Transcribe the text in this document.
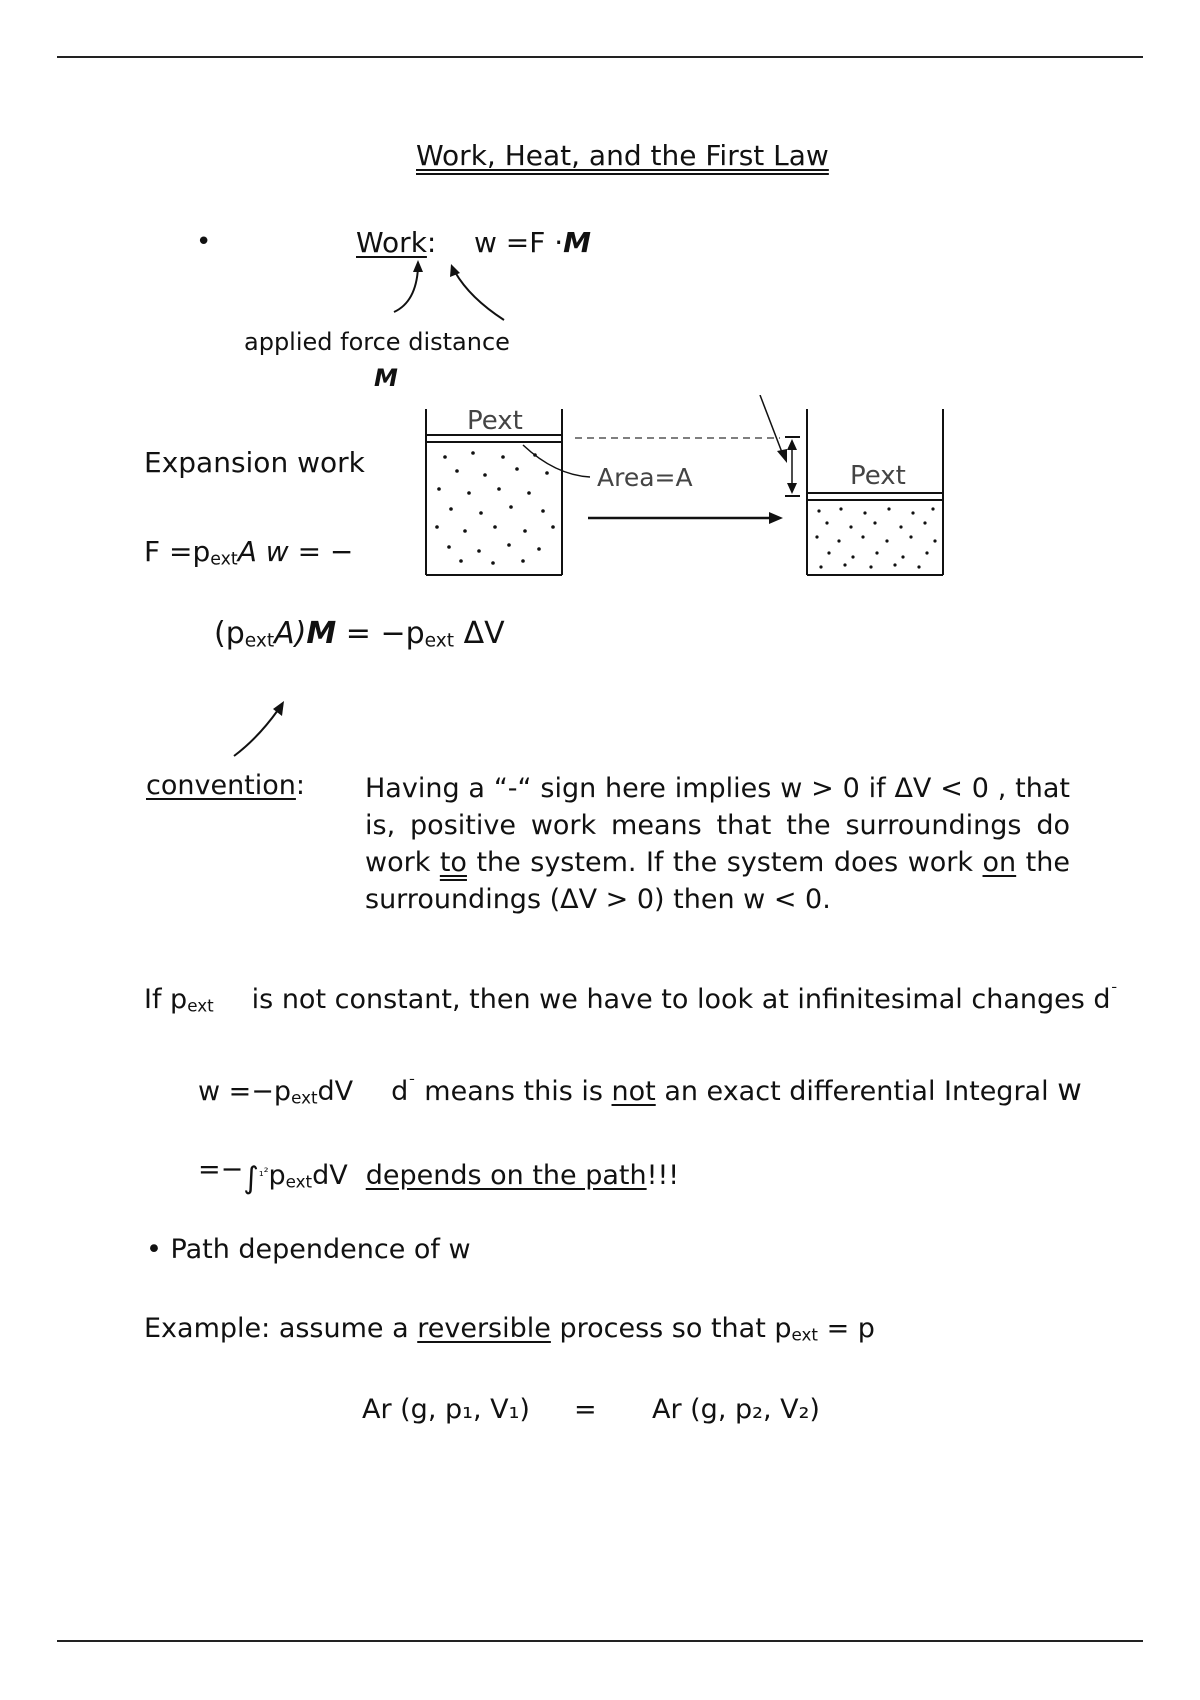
Work, Heat, and the First Law
•	Work: w =F ·M
applied force distance
M
Expansion work
$F =p_{ext}A$ w = −
Pext
Area=A	Pext
$(p_{ext}A)M = -p_{ext}$ ΔV
convention: Having a “-“ sign here implies w > 0 if ΔV < 0 , that is, positive work means that the surroundings do work to the system. If the system does work on the surroundings (ΔV > 0) then w < 0.
If $p_{ext}$ is not constant, then we have to look at infinitesimal changes d¯
$w =-p_{ext}dV$ d¯ means this is not an exact differential Integral w
$=-\int^{_1^2}p_{ext}dV$ depends on the path!!!
• Path dependence of w
Example: assume a reversible process so that $p_{ext} = p$
Ar (g, p₁, V₁) = Ar (g, p₂, V₂)
